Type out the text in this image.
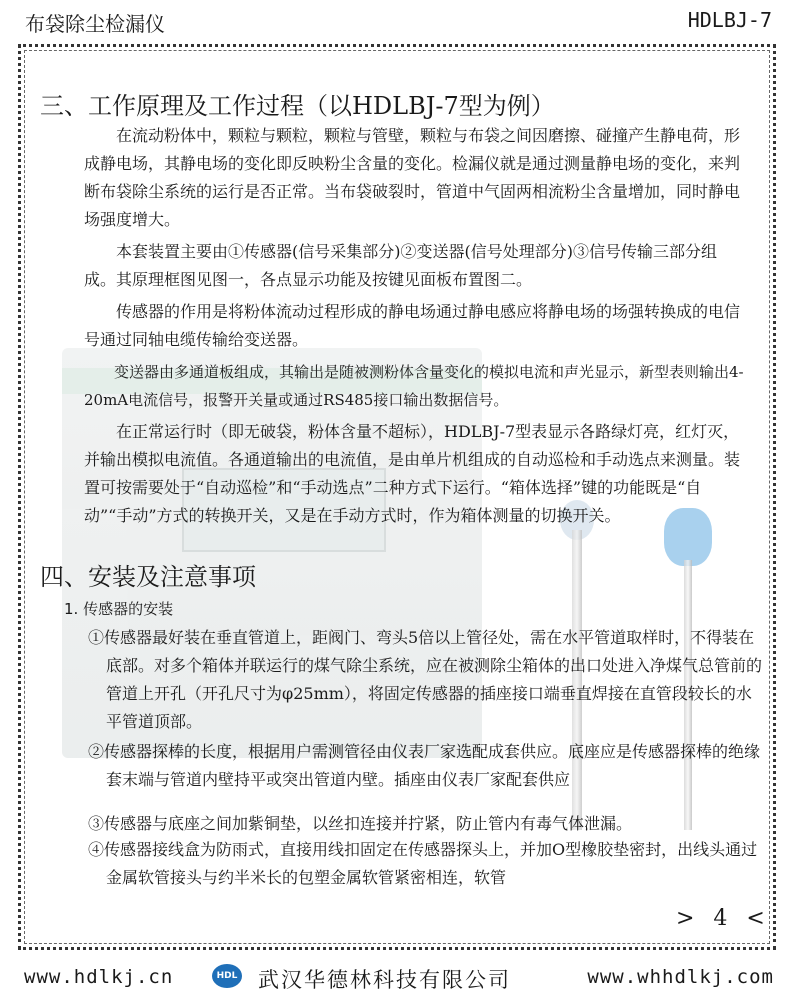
布袋除尘检漏仪	HDLBJ-7
三、工作原理及工作过程（以HDLBJ-7型为例）

在流动粉体中，颗粒与颗粒，颗粒与管壁，颗粒与布袋之间因磨擦、碰撞产生静电荷，形成静电场，其静电场的变化即反映粉尘含量的变化。检漏仪就是通过测量静电场的变化，来判断布袋除尘系统的运行是否正常。当布袋破裂时，管道中气固两相流粉尘含量增加，同时静电场强度增大。

本套装置主要由①传感器(信号采集部分)②变送器(信号处理部分)③信号传输三部分组成。其原理框图见图一，各点显示功能及按键见面板布置图二。

传感器的作用是将粉体流动过程形成的静电场通过静电感应将静电场的场强转换成的电信号通过同轴电缆传输给变送器。

变送器由多通道板组成，其输出是随被测粉体含量变化的模拟电流和声光显示，新型表则输出4-20mA电流信号，报警开关量或通过RS485接口输出数据信号。

在正常运行时（即无破袋，粉体含量不超标），HDLBJ-7型表显示各路绿灯亮，红灯灭，并输出模拟电流值。各通道输出的电流值，是由单片机组成的自动巡检和手动选点来测量。装置可按需要处于“自动巡检”和“手动选点”二种方式下运行。“箱体选择”键的功能既是“自动”“手动”方式的转换开关，又是在手动方式时，作为箱体测量的切换开关。

四、安装及注意事项
1. 传感器的安装
①传感器最好装在垂直管道上，距阀门、弯头5倍以上管径处，需在水平管道取样时，不得装在底部。对多个箱体并联运行的煤气除尘系统，应在被测除尘箱体的出口处进入净煤气总管前的管道上开孔（开孔尺寸为φ25mm），将固定传感器的插座接口端垂直焊接在直管段较长的水平管道顶部。
②传感器探棒的长度，根据用户需测管径由仪表厂家选配成套供应。底座应是传感器探棒的绝缘套末端与管道内壁持平或突出管道内壁。插座由仪表厂家配套供应
③传感器与底座之间加紫铜垫，以丝扣连接并拧紧，防止管内有毒气体泄漏。
④传感器接线盒为防雨式，直接用线扣固定在传感器探头上，并加O型橡胶垫密封，出线头通过金属软管接头与约半米长的包塑金属软管紧密相连，软管
> 4 <
www.hdlkj.cn	HDL 武汉华德林科技有限公司	www.whhdlkj.com
